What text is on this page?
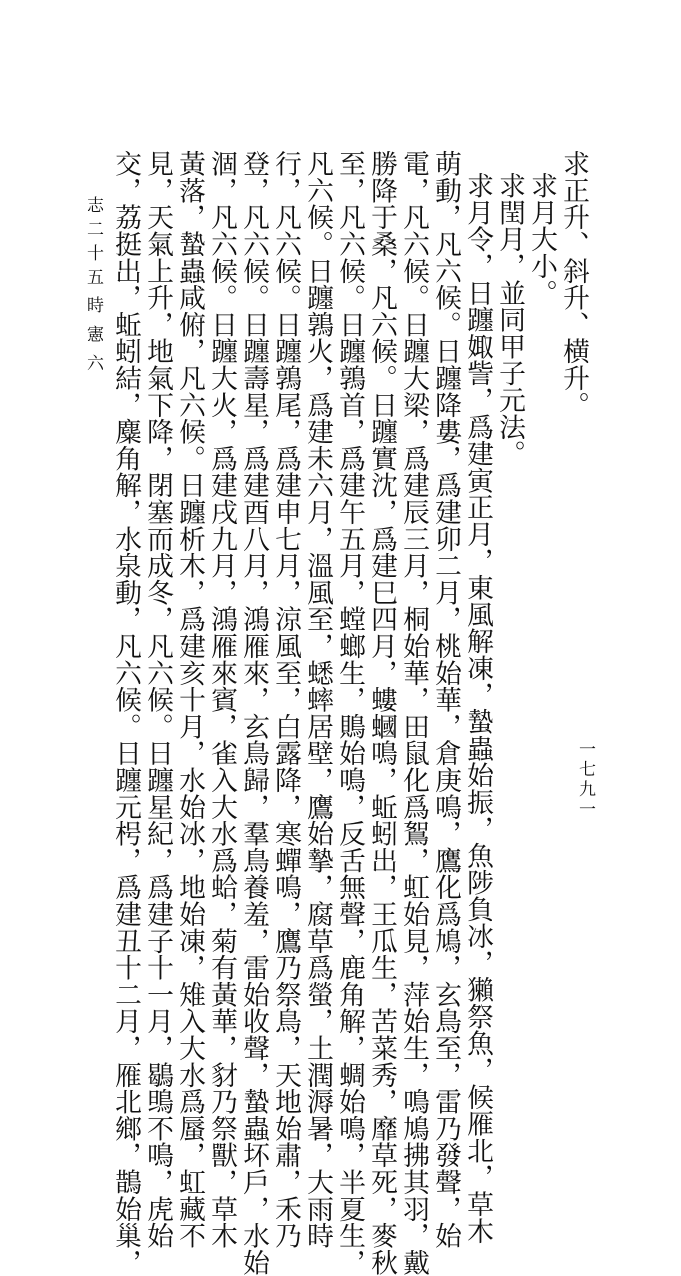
求正升、斜升、横升。
求月大小。
求閏月，並同甲子元法。
求月令，日躔娵訾，爲建寅正月，東風解凍，蟄蟲始振，魚陟負冰，獺祭魚，候雁北，草木
萌動，凡六候。日躔降婁，爲建卯二月，桃始華，倉庚鳴，鷹化爲鳩，玄鳥至，雷乃發聲，始
電，凡六候。日躔大梁，爲建辰三月，桐始華，田鼠化爲鴽，虹始見，萍始生，鳴鳩拂其羽，戴
勝降于桑，凡六候。日躔實沈，爲建巳四月，螻蟈鳴，蚯蚓出，王瓜生，苦菜秀，靡草死，麥秋
至，凡六候。日躔鶉首，爲建午五月，螳螂生，鵙始鳴，反舌無聲，鹿角解，蜩始鳴，半夏生，
凡六候。日躔鶉火，爲建未六月，溫風至，蟋蟀居壁，鷹始摯，腐草爲螢，土潤溽暑，大雨時
行，凡六候。日躔鶉尾，爲建申七月，涼風至，白露降，寒蟬鳴，鷹乃祭鳥，天地始肅，禾乃
登，凡六候。日躔壽星，爲建酉八月，鴻雁來，玄鳥歸，羣鳥養羞，雷始收聲，蟄蟲坏戶，水始
涸，凡六候。日躔大火，爲建戌九月，鴻雁來賓，雀入大水爲蛤，菊有黃華，豺乃祭獸，草木
黃落，蟄蟲咸俯，凡六候。日躔析木，爲建亥十月，水始冰，地始凍，雉入大水爲蜃，虹藏不
見，天氣上升，地氣下降，閉塞而成冬，凡六候。日躔星紀，爲建子十一月，鶡鴠不鳴，虎始
交，荔挺出，蚯蚓結，麋角解，水泉動，凡六候。日躔元枵，爲建丑十二月，雁北鄉，鵲始巢，
志二十五
時憲六
一七九一
